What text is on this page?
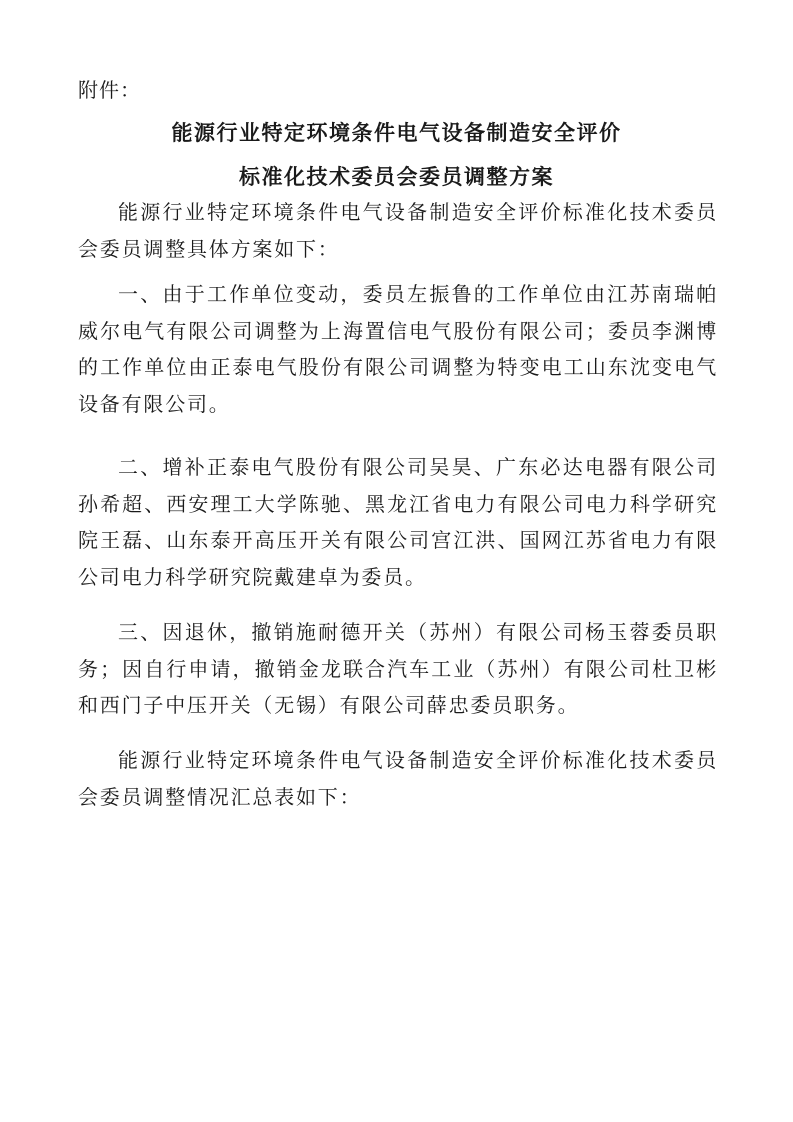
附件：

能源行业特定环境条件电气设备制造安全评价
标准化技术委员会委员调整方案

能源行业特定环境条件电气设备制造安全评价标准化技术委员会委员调整具体方案如下：

一、由于工作单位变动，委员左振鲁的工作单位由江苏南瑞帕威尔电气有限公司调整为上海置信电气股份有限公司；委员李渊博的工作单位由正泰电气股份有限公司调整为特变电工山东沈变电气设备有限公司。

二、增补正泰电气股份有限公司吴昊、广东必达电器有限公司孙希超、西安理工大学陈驰、黑龙江省电力有限公司电力科学研究院王磊、山东泰开高压开关有限公司宫江洪、国网江苏省电力有限公司电力科学研究院戴建卓为委员。

三、因退休，撤销施耐德开关（苏州）有限公司杨玉蓉委员职务；因自行申请，撤销金龙联合汽车工业（苏州）有限公司杜卫彬和西门子中压开关（无锡）有限公司薛忠委员职务。

能源行业特定环境条件电气设备制造安全评价标准化技术委员会委员调整情况汇总表如下：
